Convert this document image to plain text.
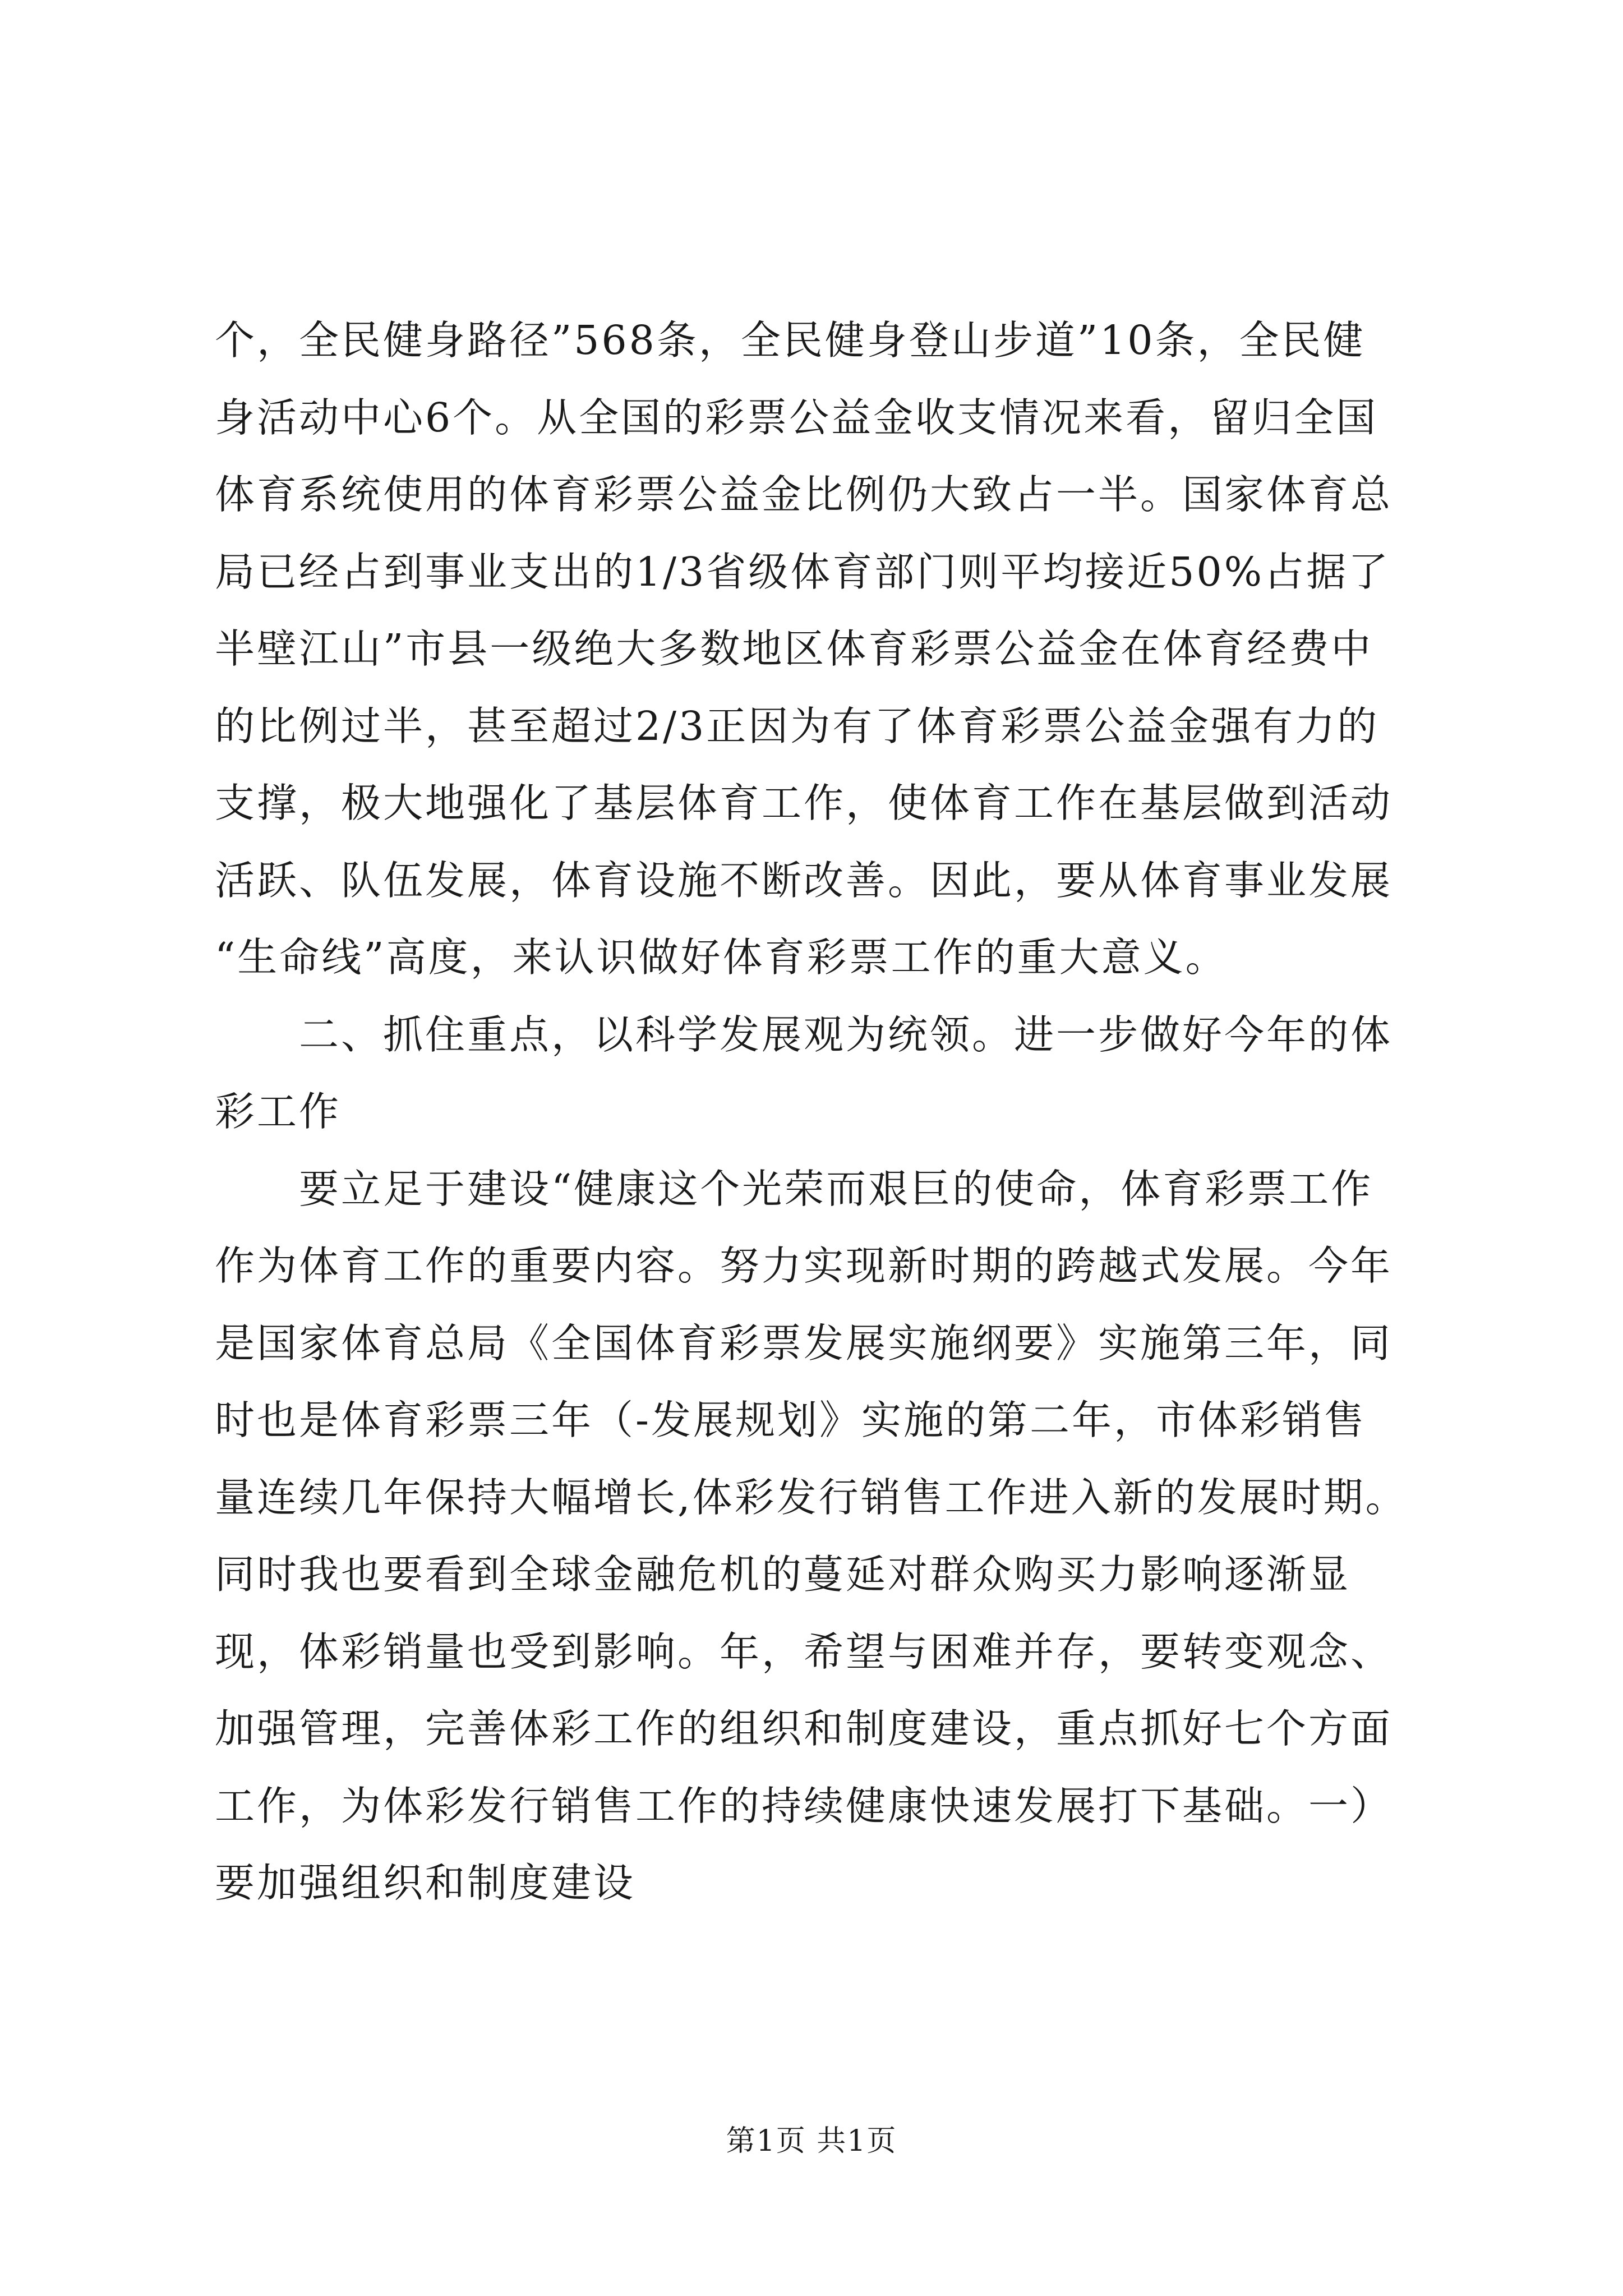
个，全民健身路径”568条，全民健身登山步道”10条，全民健
身活动中心6个。从全国的彩票公益金收支情况来看，留归全国
体育系统使用的体育彩票公益金比例仍大致占一半。国家体育总
局已经占到事业支出的1/3省级体育部门则平均接近50%占据了
半壁江山”市县一级绝大多数地区体育彩票公益金在体育经费中
的比例过半，甚至超过2/3正因为有了体育彩票公益金强有力的
支撑，极大地强化了基层体育工作，使体育工作在基层做到活动
活跃、队伍发展，体育设施不断改善。因此，要从体育事业发展
“生命线”高度，来认识做好体育彩票工作的重大意义。
二、抓住重点，以科学发展观为统领。进一步做好今年的体
彩工作
要立足于建设“健康这个光荣而艰巨的使命，体育彩票工作
作为体育工作的重要内容。努力实现新时期的跨越式发展。今年
是国家体育总局《全国体育彩票发展实施纲要》实施第三年，同
时也是体育彩票三年（-发展规划》实施的第二年，市体彩销售
量连续几年保持大幅增长,体彩发行销售工作进入新的发展时期。
同时我也要看到全球金融危机的蔓延对群众购买力影响逐渐显
现，体彩销量也受到影响。年，希望与困难并存，要转变观念、
加强管理，完善体彩工作的组织和制度建设，重点抓好七个方面
工作，为体彩发行销售工作的持续健康快速发展打下基础。一）
要加强组织和制度建设
第1页 共1页
